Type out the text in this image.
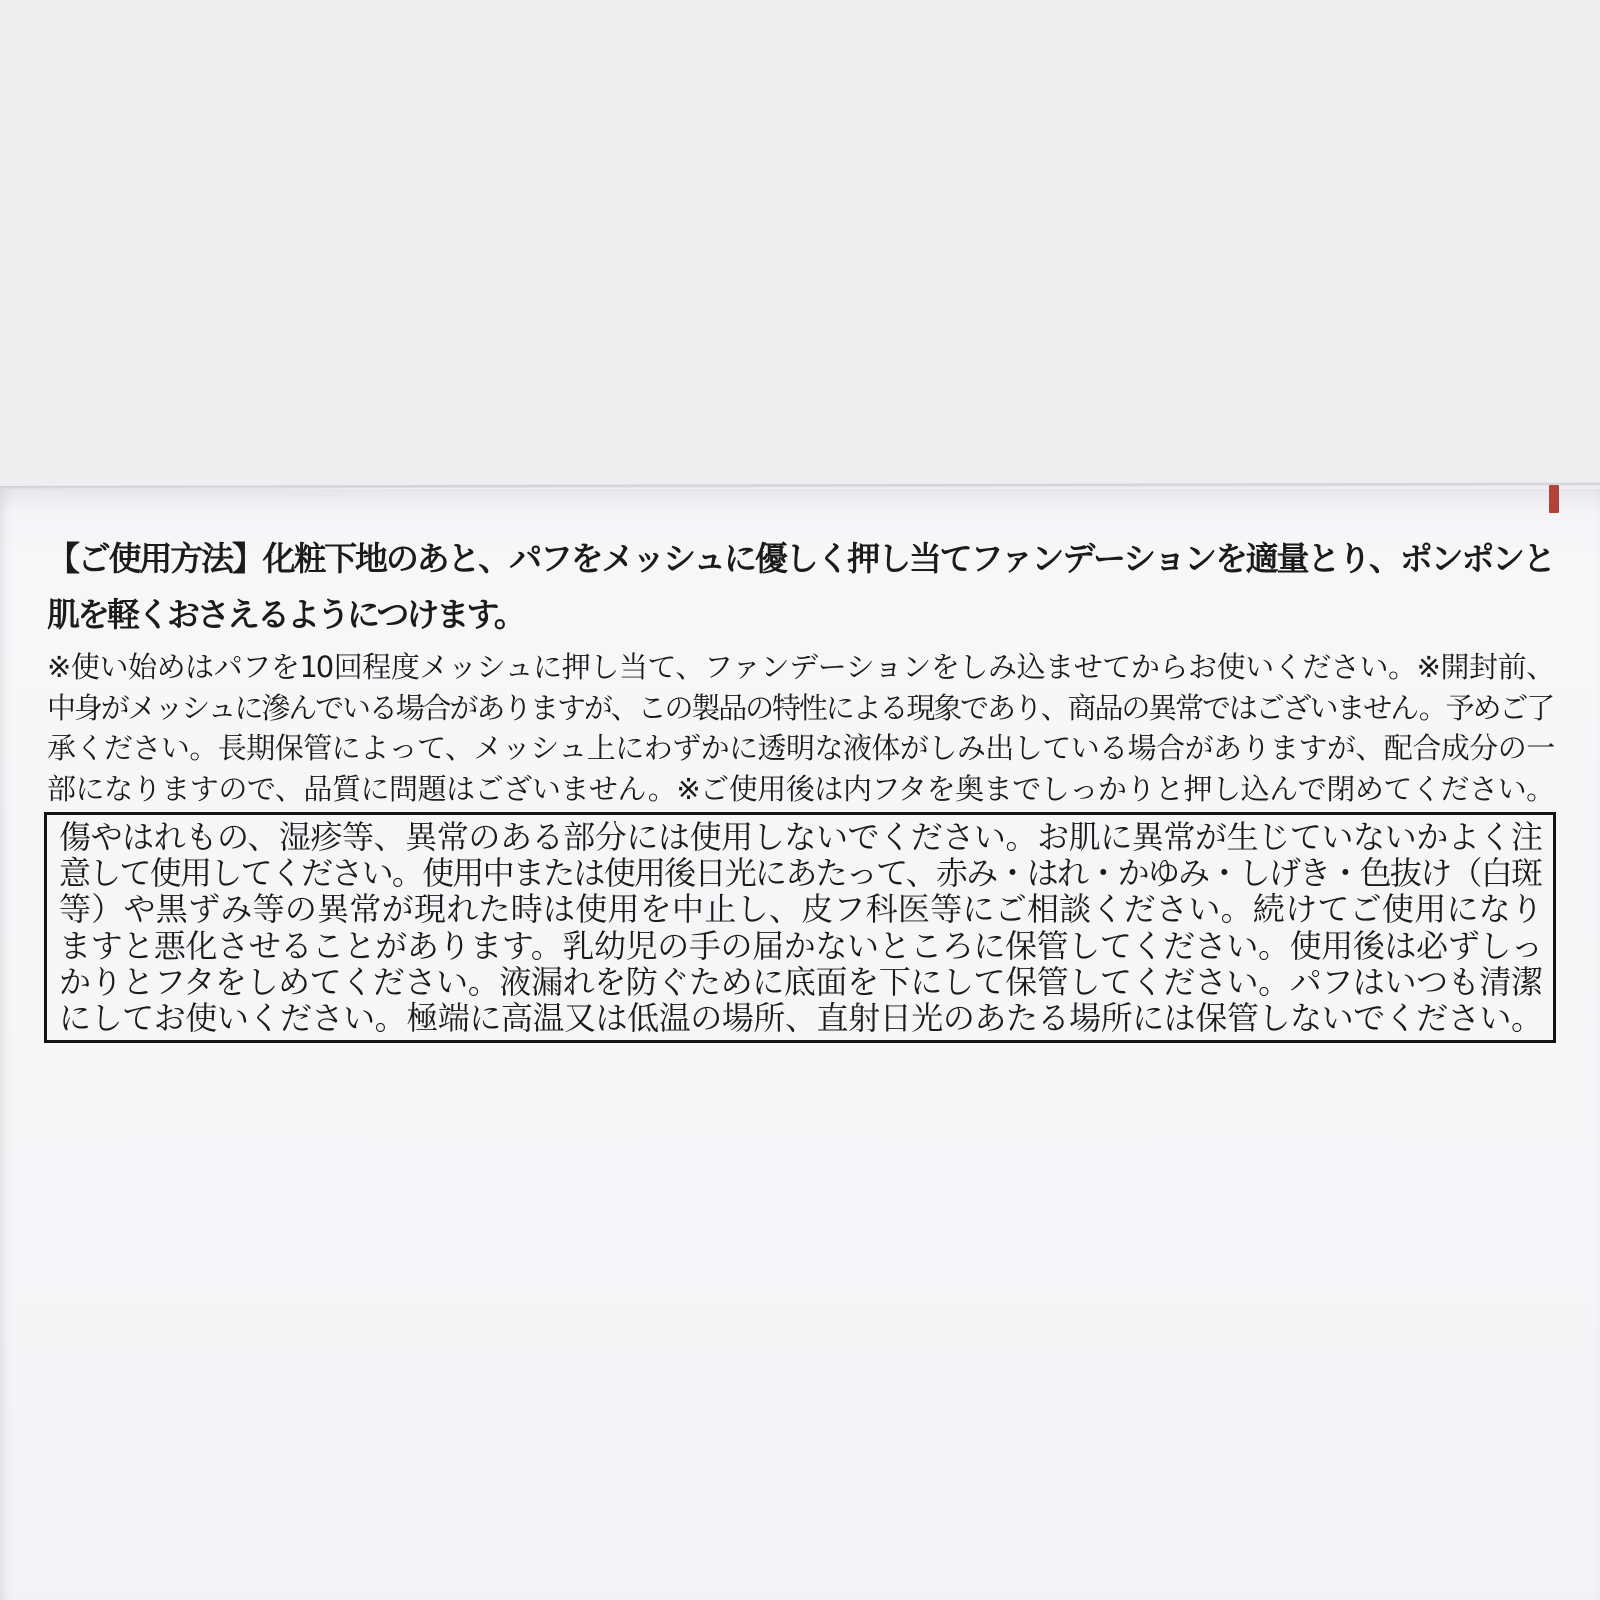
【ご使用方法】化粧下地のあと、パフをメッシュに優しく押し当てファンデーションを適量とり、ポンポンと
肌を軽くおさえるようにつけます。
※使い始めはパフを10回程度メッシュに押し当て、ファンデーションをしみ込ませてからお使いください。※開封前、
中身がメッシュに滲んでいる場合がありますが、この製品の特性による現象であり、商品の異常ではございません。予めご了
承ください。長期保管によって、メッシュ上にわずかに透明な液体がしみ出している場合がありますが、配合成分の一
部になりますので、品質に問題はございません。※ご使用後は内フタを奥までしっかりと押し込んで閉めてください。
傷やはれもの、湿疹等、異常のある部分には使用しないでください。お肌に異常が生じていないかよく注
意して使用してください。使用中または使用後日光にあたって、赤み・はれ・かゆみ・しげき・色抜け（白斑
等）や黒ずみ等の異常が現れた時は使用を中止し、皮フ科医等にご相談ください。続けてご使用になり
ますと悪化させることがあります。乳幼児の手の届かないところに保管してください。使用後は必ずしっ
かりとフタをしめてください。液漏れを防ぐために底面を下にして保管してください。パフはいつも清潔
にしてお使いください。極端に高温又は低温の場所、直射日光のあたる場所には保管しないでください。
